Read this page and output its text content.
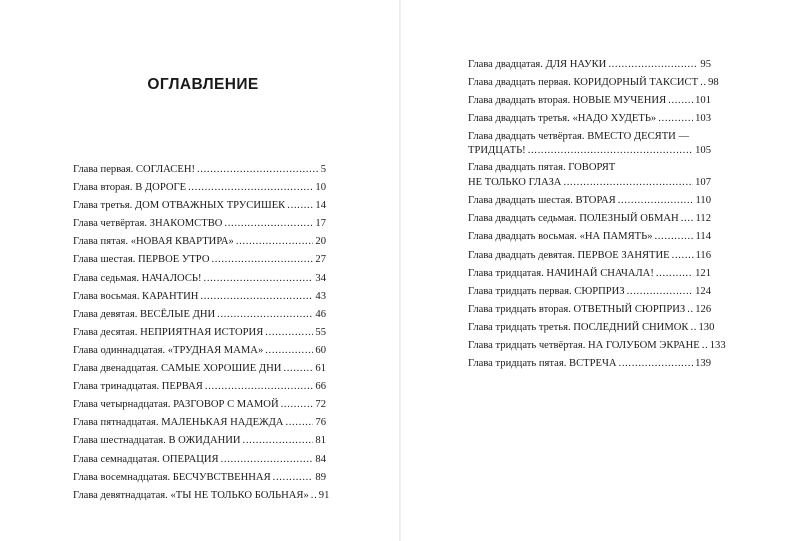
ОГЛАВЛЕНИЕ
Глава первая. СОГЛАСЕН! . . .	5
Глава вторая. В ДОРОГЕ . . .	10
Глава третья. ДОМ ОТВАЖНЫХ ТРУСИШЕК . . .	14
Глава четвёртая. ЗНАКОМСТВО . . .	17
Глава пятая. «НОВАЯ КВАРТИРА» . . .	20
Глава шестая. ПЕРВОЕ УТРО . . .	27
Глава седьмая. НАЧАЛОСЬ! . . .	34
Глава восьмая. КАРАНТИН . . .	43
Глава девятая. ВЕСЁЛЫЕ ДНИ . . .	46
Глава десятая. НЕПРИЯТНАЯ ИСТОРИЯ . . .	55
Глава одиннадцатая. «ТРУДНАЯ МАМА» . . .	60
Глава двенадцатая. САМЫЕ ХОРОШИЕ ДНИ . . .	61
Глава тринадцатая. ПЕРВАЯ . . .	66
Глава четырнадцатая. РАЗГОВОР С МАМОЙ . . .	72
Глава пятнадцатая. МАЛЕНЬКАЯ НАДЕЖДА . . .	76
Глава шестнадцатая. В ОЖИДАНИИ . . .	81
Глава семнадцатая. ОПЕРАЦИЯ . . .	84
Глава восемнадцатая. БЕСЧУВСТВЕННАЯ . . .	89
Глава девятнадцатая. «ТЫ НЕ ТОЛЬКО БОЛЬНАЯ» . . . 91
Глава двадцатая. ДЛЯ НАУКИ . . .	95
Глава двадцать первая. КОРИДОРНЫЙ ТАКСИСТ . . . 98
Глава двадцать вторая. НОВЫЕ МУЧЕНИЯ . . .	101
Глава двадцать третья. «НАДО ХУДЕТЬ» . . .	103
Глава двадцать четвёртая. ВМЕСТО ДЕСЯТИ —
ТРИДЦАТЬ! . . .	105
Глава двадцать пятая. ГОВОРЯТ
НЕ ТОЛЬКО ГЛАЗА . . .	107
Глава двадцать шестая. ВТОРАЯ . . .	110
Глава двадцать седьмая. ПОЛЕЗНЫЙ ОБМАН . . . 112
Глава двадцать восьмая. «НА ПАМЯТЬ» . . .	114
Глава двадцать девятая. ПЕРВОЕ ЗАНЯТИЕ . . . 116
Глава тридцатая. НАЧИНАЙ СНАЧАЛА! . . .	121
Глава тридцать первая. СЮРПРИЗ . . .	124
Глава тридцать вторая. ОТВЕТНЫЙ СЮРПРИЗ . . . 126
Глава тридцать третья. ПОСЛЕДНИЙ СНИМОК . . . 130
Глава тридцать четвёртая. НА ГОЛУБОМ ЭКРАНЕ . . . 133
Глава тридцать пятая. ВСТРЕЧА . . .	139
